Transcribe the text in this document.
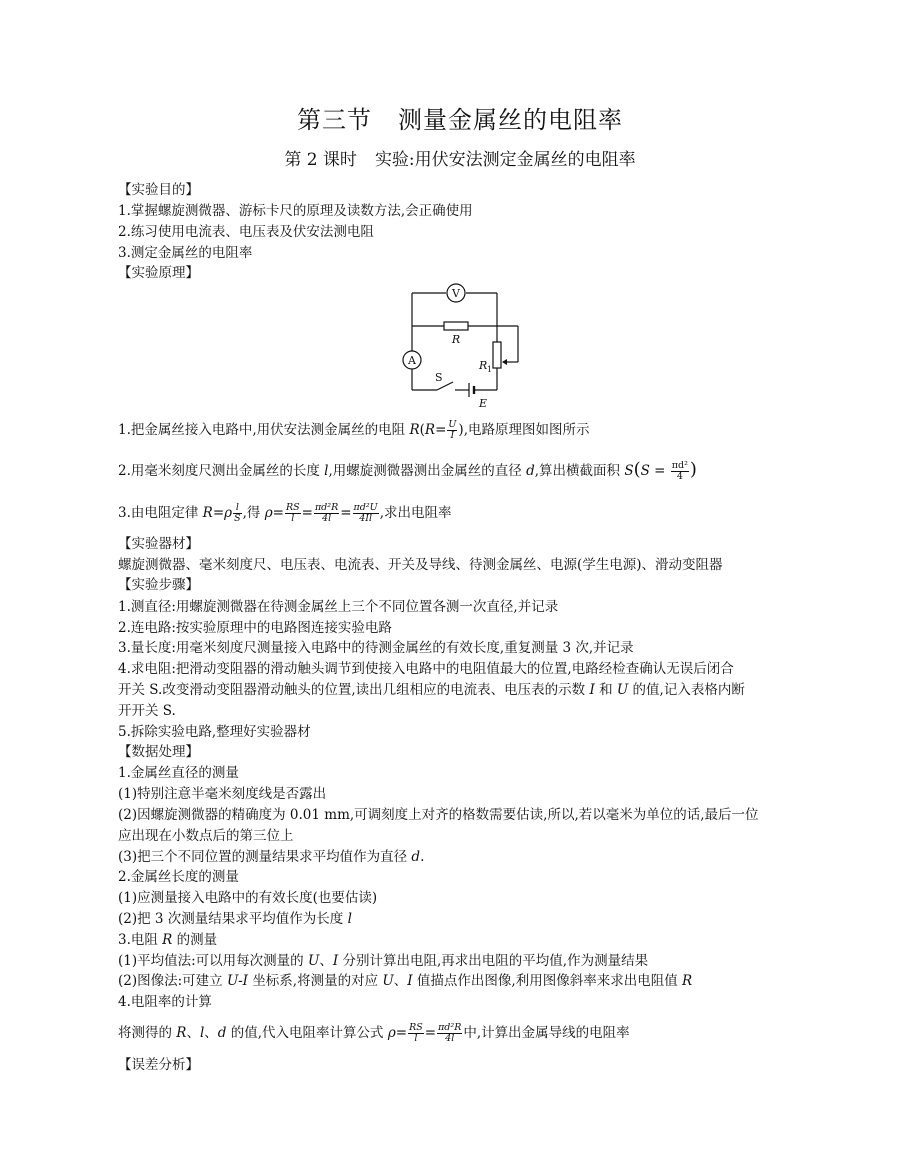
第三节 测量金属丝的电阻率
第 2 课时 实验:用伏安法测定金属丝的电阻率
【实验目的】
1.掌握螺旋测微器、游标卡尺的原理及读数方法,会正确使用
2.练习使用电流表、电压表及伏安法测电阻
3.测定金属丝的电阻率
【实验原理】
V
A
R
R 1
S
E
1.把金属丝接入电路中,用伏安法测金属丝的电阻 $R(R= \frac{U}{I}$ ),电路原理图如图所示
2.用毫米刻度尺测出金属丝的长度 l,用螺旋测微器测出金属丝的直径 d,算出横截面积 $S(S = \frac{\text{πd²}}{4}$ )
3.由电阻定律 $R=\rho \frac{l}{S}$ ,得 $\rho= \frac{RS}{l} = \frac{\text{πd²R}}{4l} = \frac{\text{πd²U}}{4Il}$ ,求出电阻率
【实验器材】
螺旋测微器、毫米刻度尺、电压表、电流表、开关及导线、待测金属丝、电源(学生电源)、滑动变阻器
【实验步骤】
1.测直径:用螺旋测微器在待测金属丝上三个不同位置各测一次直径,并记录
2.连电路:按实验原理中的电路图连接实验电路
3.量长度:用毫米刻度尺测量接入电路中的待测金属丝的有效长度,重复测量 3 次,并记录
4.求电阻:把滑动变阻器的滑动触头调节到使接入电路中的电阻值最大的位置,电路经检查确认无误后闭合
开关 S.改变滑动变阻器滑动触头的位置,读出几组相应的电流表、电压表的示数 I 和 U 的值,记入表格内断
开开关 S.
5.拆除实验电路,整理好实验器材
【数据处理】
1.金属丝直径的测量
(1)特别注意半毫米刻度线是否露出
(2)因螺旋测微器的精确度为 0.01 mm,可调刻度上对齐的格数需要估读,所以,若以毫米为单位的话,最后一位
应出现在小数点后的第三位上
(3)把三个不同位置的测量结果求平均值作为直径 d.
2.金属丝长度的测量
(1)应测量接入电路中的有效长度(也要估读)
(2)把 3 次测量结果求平均值作为长度 l
3.电阻 R 的测量
(1)平均值法:可以用每次测量的 U、I 分别计算出电阻,再求出电阻的平均值,作为测量结果
(2)图像法:可建立 U-I 坐标系,将测量的对应 U、I 值描点作出图像,利用图像斜率来求出电阻值 R
4.电阻率的计算
将测得的 R、l、d 的值,代入电阻率计算公式 $\rho= \frac{RS}{l} = \frac{\text{πd²R}}{4l}$ 中,计算出金属导线的电阻率
【误差分析】
